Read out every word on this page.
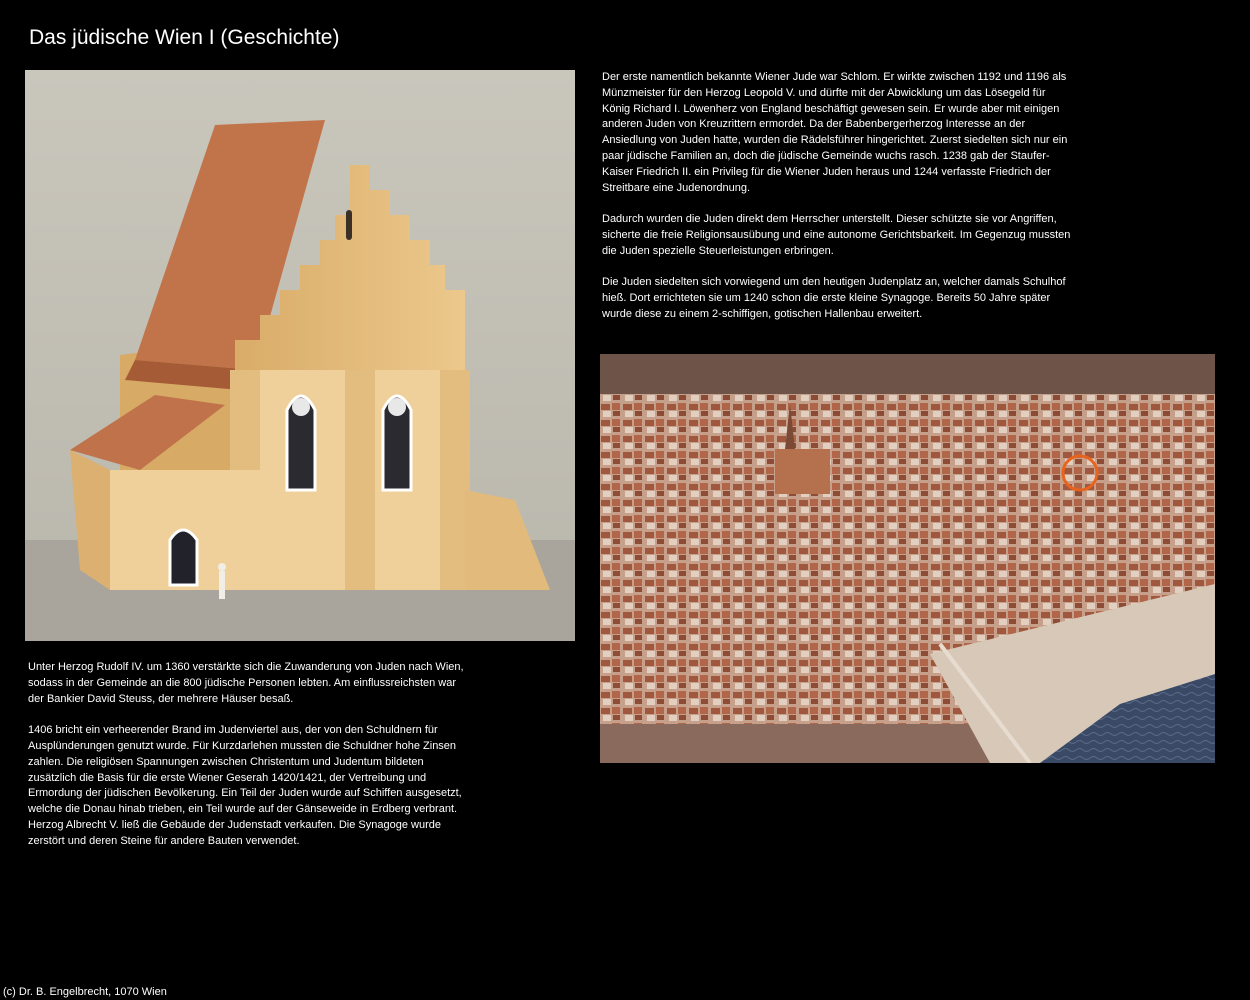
Das jüdische Wien I (Geschichte)

Der erste namentlich bekannte Wiener Jude war Schlom. Er wirkte zwischen 1192 und 1196 als Münzmeister für den Herzog Leopold V. und dürfte mit der Abwicklung um das Lösegeld für König Richard I. Löwenherz von England beschäftigt gewesen sein. Er wurde aber mit einigen anderen Juden von Kreuzrittern ermordet. Da der Babenbergerherzog Interesse an der Ansiedlung von Juden hatte, wurden die Rädelsführer hingerichtet. Zuerst siedelten sich nur ein paar jüdische Familien an, doch die jüdische Gemeinde wuchs rasch. 1238 gab der Staufer-Kaiser Friedrich II. ein Privileg für die Wiener Juden heraus und 1244 verfasste Friedrich der Streitbare eine Judenordnung.

Dadurch wurden die Juden direkt dem Herrscher unterstellt. Dieser schützte sie vor Angriffen, sicherte die freie Religionsausübung und eine autonome Gerichtsbarkeit. Im Gegenzug mussten die Juden spezielle Steuerleistungen erbringen.

Die Juden siedelten sich vorwiegend um den heutigen Judenplatz an, welcher damals Schulhof hieß. Dort errichteten sie um 1240 schon die erste kleine Synagoge. Bereits 50 Jahre später wurde diese zu einem 2-schiffigen, gotischen Hallenbau erweitert.

Unter Herzog Rudolf IV. um 1360 verstärkte sich die Zuwanderung von Juden nach Wien, sodass in der Gemeinde an die 800 jüdische Personen lebten. Am einflussreichsten war der Bankier David Steuss, der mehrere Häuser besaß.

1406 bricht ein verheerender Brand im Judenviertel aus, der von den Schuldnern für Ausplünderungen genutzt wurde. Für Kurzdarlehen mussten die Schuldner hohe Zinsen zahlen. Die religiösen Spannungen zwischen Christentum und Judentum bildeten zusätzlich die Basis für die erste Wiener Geserah 1420/1421, der Vertreibung und Ermordung der jüdischen Bevölkerung. Ein Teil der Juden wurde auf Schiffen ausgesetzt, welche die Donau hinab trieben, ein Teil wurde auf der Gänseweide in Erdberg verbrant. Herzog Albrecht V. ließ die Gebäude der Judenstadt verkaufen. Die Synagoge wurde zerstört und deren Steine für andere Bauten verwendet.

(c) Dr. B. Engelbrecht, 1070 Wien
